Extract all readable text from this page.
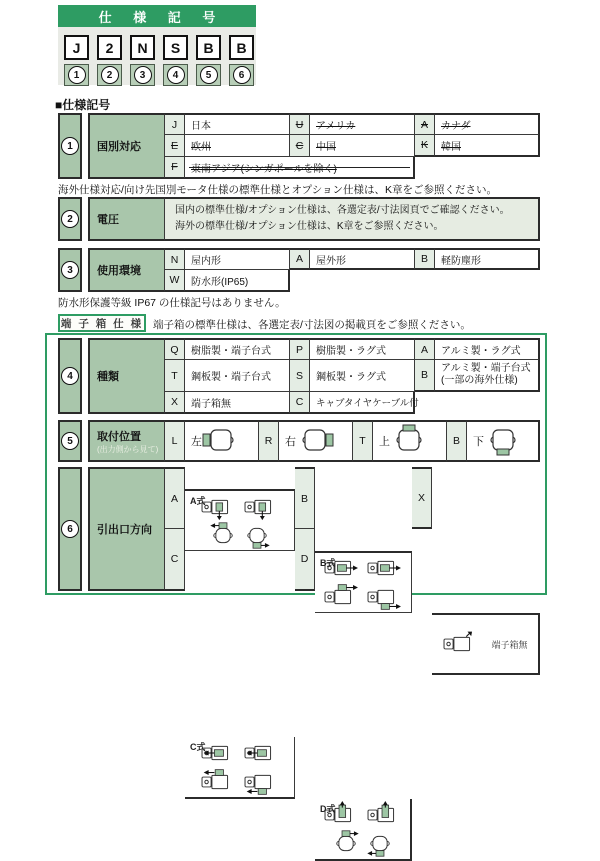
仕 様 記 号
J	2	N	S	B	B
1	2	3	4	5	6
■仕様記号
1	国別対応
J 日本	U アメリカ	A カナダ
E 欧州	C 中国	K 韓国
F 東南アジア(シンガポールを除く)
海外仕様対応/向け先国別モータ仕様の標準仕様とオプション仕様は、K章をご参照ください。
2	電圧
国内の標準仕様/オプション仕様は、各選定表/寸法図頁でご確認ください。
海外の標準仕様/オプション仕様は、K章をご参照ください。
3	使用環境
N 屋内形	A 屋外形	B 軽防塵形
W 防水形(IP65)
防水形保護等級 IP67 の仕様記号はありません。
端 子 箱 仕 様 端子箱の標準仕様は、各選定表/寸法図の掲載頁をご参照ください。
4	種類
Q 樹脂製・端子台式 P 樹脂製・ラグ式	A アルミ製・ラグ式
T 鋼板製・端子台式 S 鋼板製・ラグ式	B
アルミ製・端子台式
(一部の海外仕様)
X 端子箱無	C キャブタイヤケーブル付
5	取付位置
(出力側から見て)
L 左	R 右	T 上	B 下
6	引出口方向
A A式	B
B式
X
端子箱無
C
C式
D
D式
